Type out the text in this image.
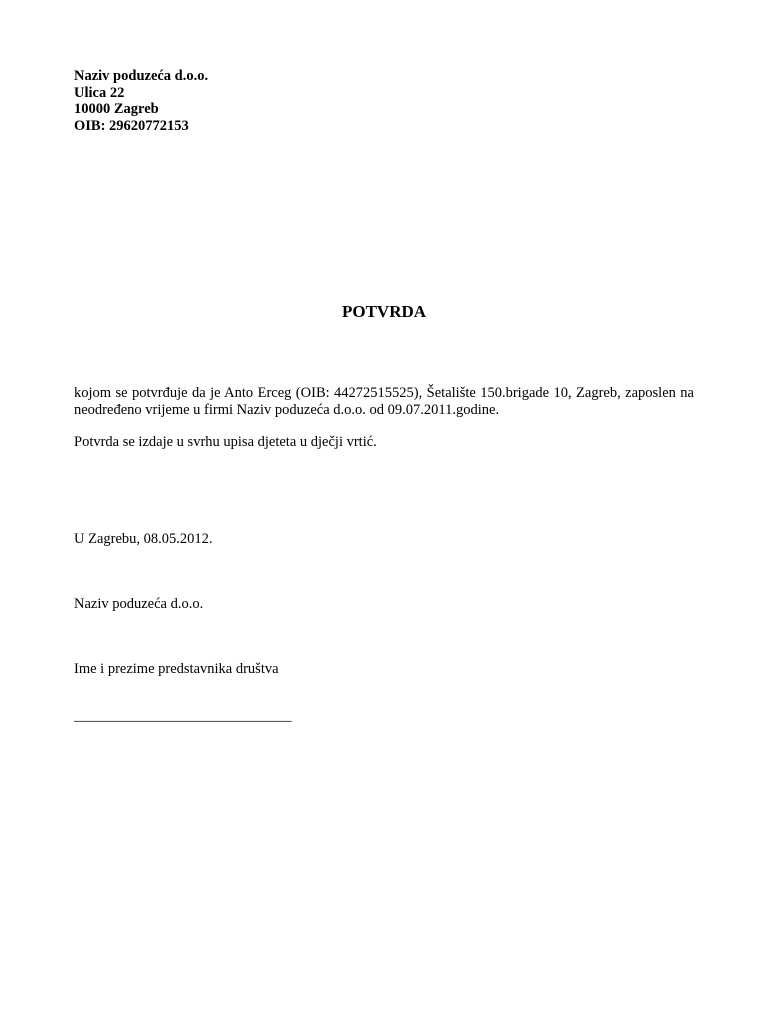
Naziv poduzeća d.o.o.
Ulica 22
10000 Zagreb
OIB: 29620772153
POTVRDA
kojom se potvrđuje da je Anto Erceg (OIB: 44272515525), Šetalište 150.brigade 10, Zagreb, zaposlen na neodređeno vrijeme u firmi Naziv poduzeća d.o.o. od 09.07.2011.godine.
Potvrda se izdaje u svrhu upisa djeteta u dječji vrtić.
U Zagrebu, 08.05.2012.
Naziv poduzeća d.o.o.
Ime i prezime predstavnika društva
______________________________
